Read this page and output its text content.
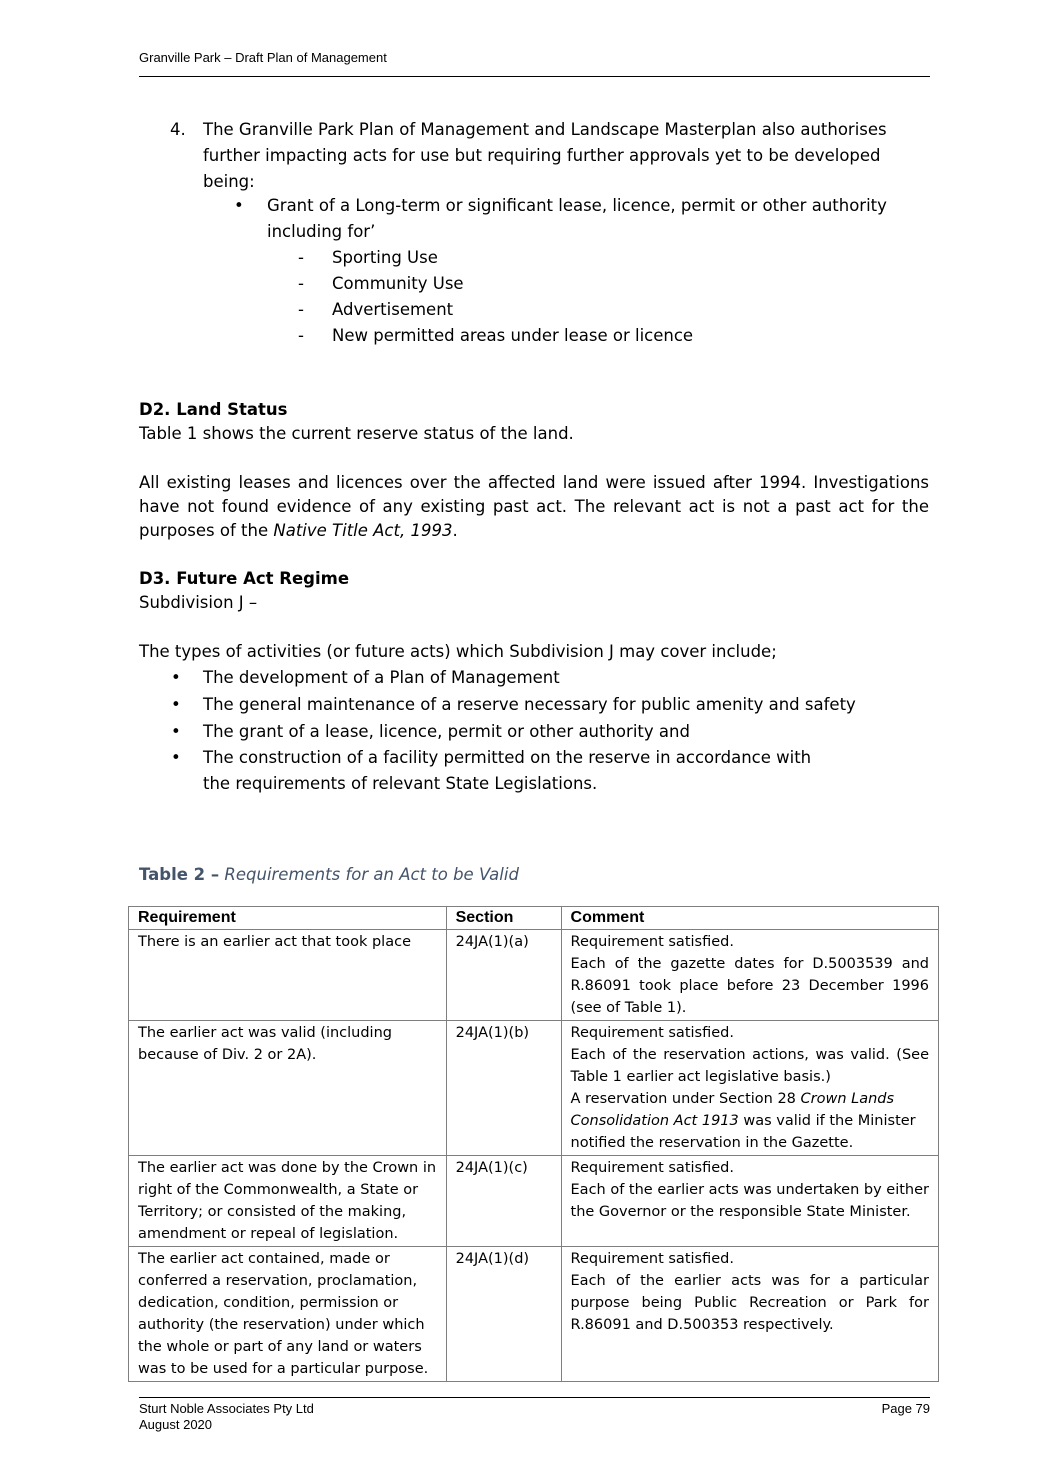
Granville Park – Draft Plan of Management
4. The Granville Park Plan of Management and Landscape Masterplan also authorises further impacting acts for use but requiring further approvals yet to be developed being:
• Grant of a Long-term or significant lease, licence, permit or other authority including for’
- Sporting Use
- Community Use
- Advertisement
- New permitted areas under lease or licence
D2. Land Status
Table 1 shows the current reserve status of the land.
All existing leases and licences over the affected land were issued after 1994. Investigations have not found evidence of any existing past act. The relevant act is not a past act for the purposes of the Native Title Act, 1993.
D3. Future Act Regime
Subdivision J –
The types of activities (or future acts) which Subdivision J may cover include;
• The development of a Plan of Management
• The general maintenance of a reserve necessary for public amenity and safety
• The grant of a lease, licence, permit or other authority and
• The construction of a facility permitted on the reserve in accordance with the requirements of relevant State Legislations.
Table 2 – Requirements for an Act to be Valid
Requirement	Section	Comment
There is an earlier act that took place	24JA(1)(a)	Requirement satisfied.
Each of the gazette dates for D.5003539 and R.86091 took place before 23 December 1996 (see of Table 1).

The earlier act was valid (including because of Div. 2 or 2A).	24JA(1)(b)	Requirement satisfied.
Each of the reservation actions, was valid. (See Table 1 earlier act legislative basis.)
A reservation under Section 28 Crown Lands Consolidation Act 1913 was valid if the Minister notified the reservation in the Gazette.

The earlier act was done by the Crown in right of the Commonwealth, a State or Territory; or consisted of the making, amendment or repeal of legislation.	24JA(1)(c)	Requirement satisfied.
Each of the earlier acts was undertaken by either the Governor or the responsible State Minister.

The earlier act contained, made or conferred a reservation, proclamation, dedication, condition, permission or authority (the reservation) under which the whole or part of any land or waters was to be used for a particular purpose.	24JA(1)(d)	Requirement satisfied.
Each of the earlier acts was for a particular purpose being Public Recreation or Park for R.86091 and D.500353 respectively.
Sturt Noble Associates Pty Ltd
August 2020
Page 79
